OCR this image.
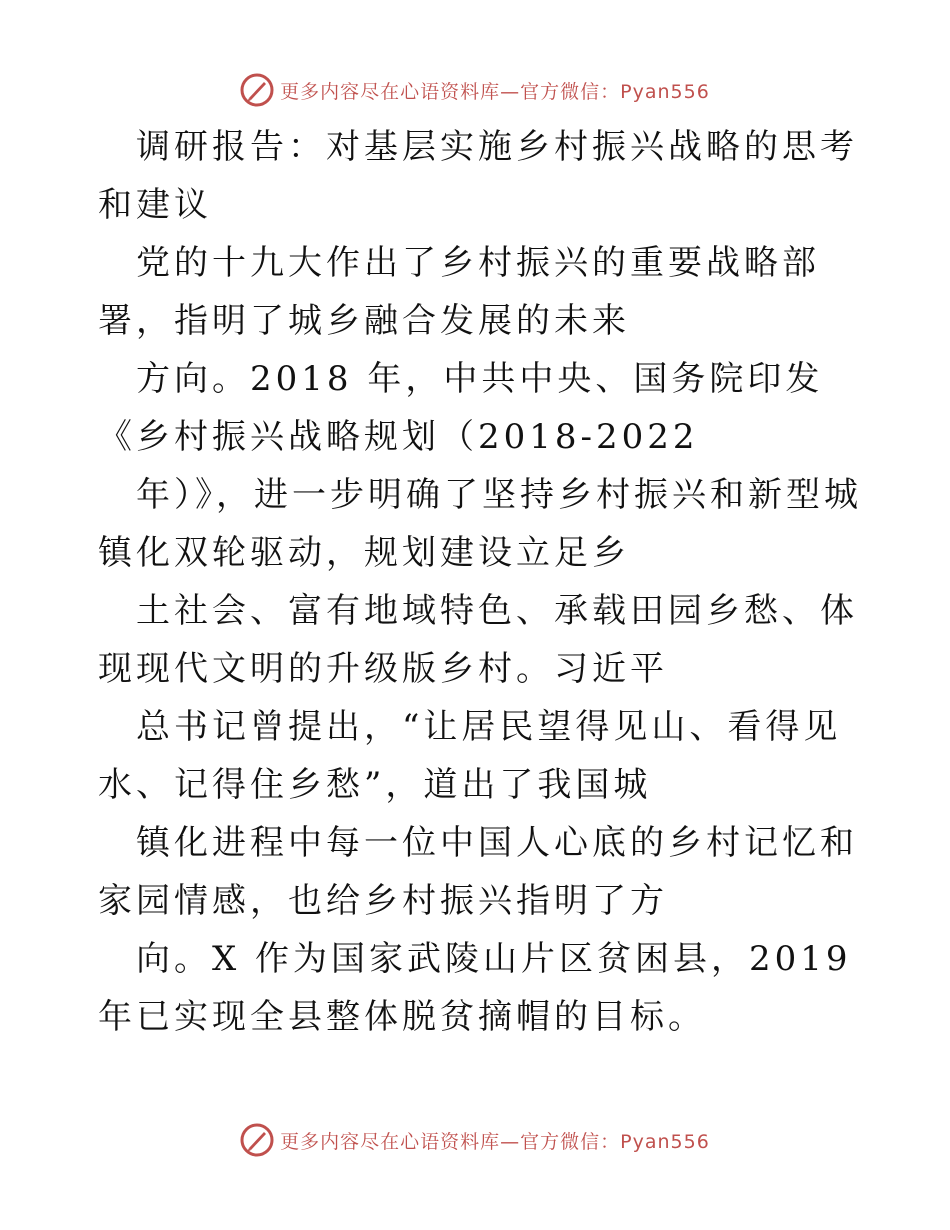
更多内容尽在心语资料库—官方微信：Pyan556

调研报告：对基层实施乡村振兴战略的思考和建议

党的十九大作出了乡村振兴的重要战略部署，指明了城乡融合发展的未来

方向。2018 年，中共中央、国务院印发《乡村振兴战略规划（2018-2022

年）》，进一步明确了坚持乡村振兴和新型城镇化双轮驱动，规划建设立足乡

土社会、富有地域特色、承载田园乡愁、体现现代文明的升级版乡村。习近平

总书记曾提出，“让居民望得见山、看得见水、记得住乡愁”，道出了我国城

镇化进程中每一位中国人心底的乡村记忆和家园情感，也给乡村振兴指明了方

向。X 作为国家武陵山片区贫困县，2019 年已实现全县整体脱贫摘帽的目标。

更多内容尽在心语资料库—官方微信：Pyan556
